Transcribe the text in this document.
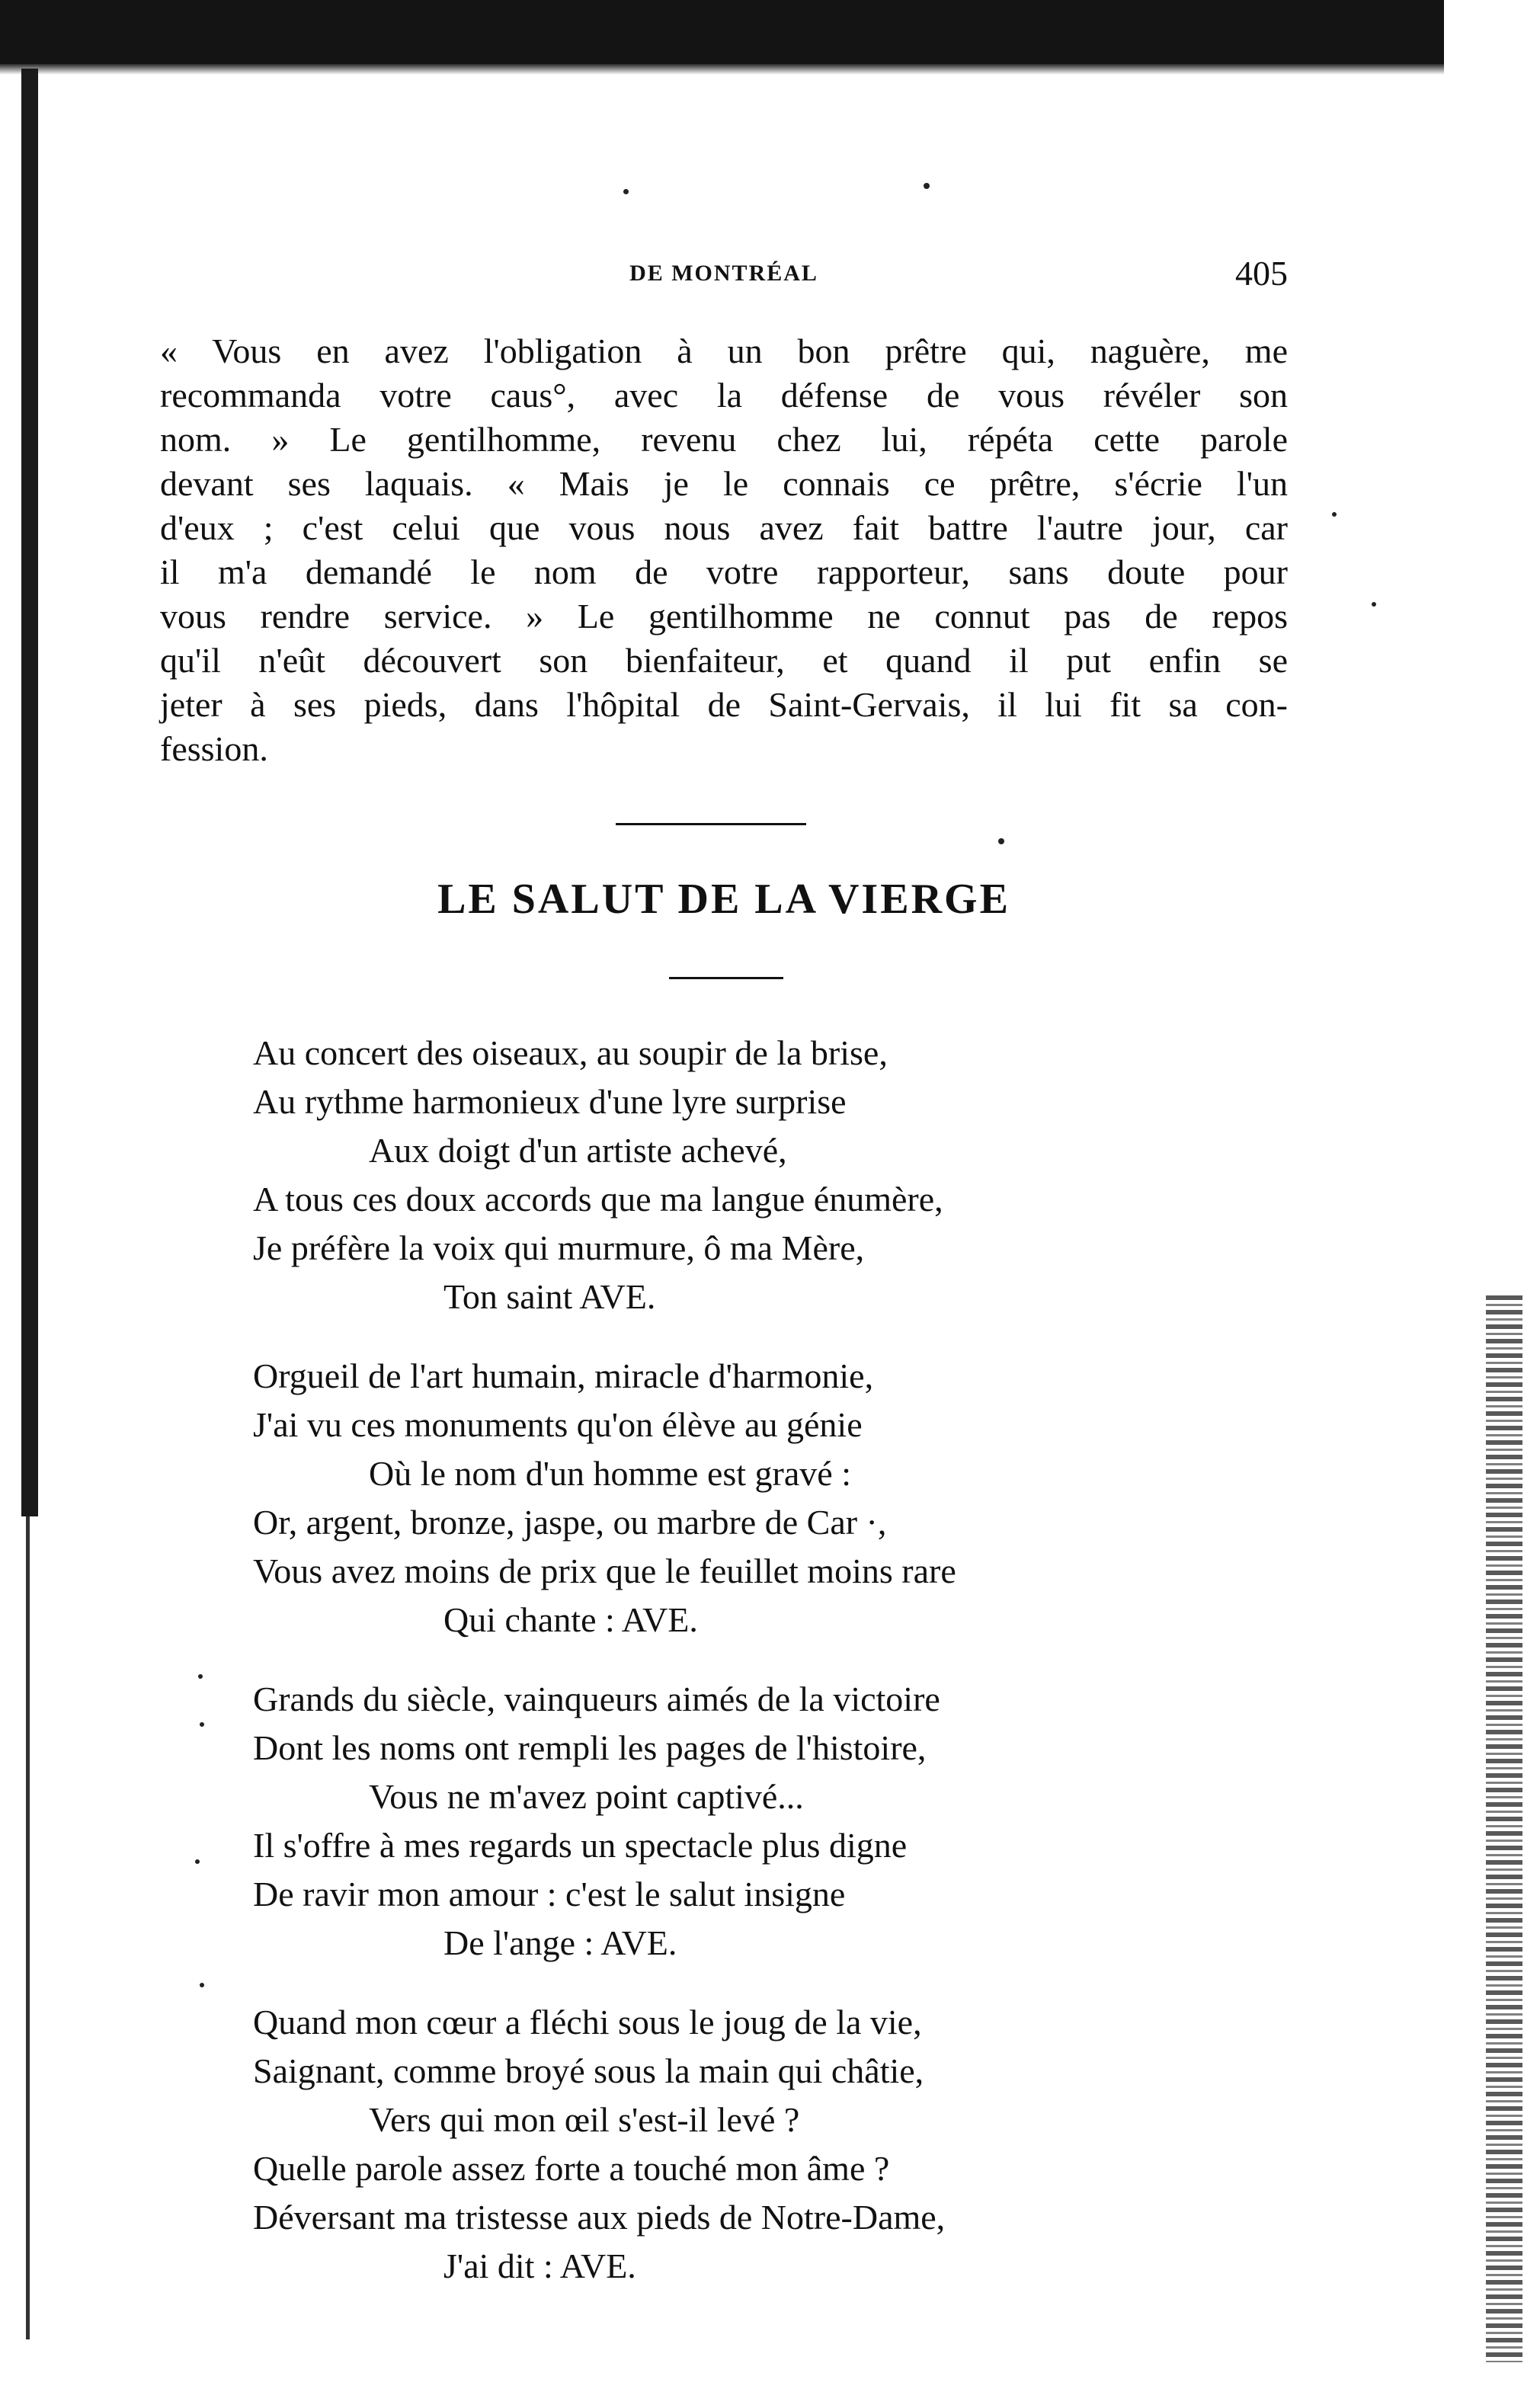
DE MONTRÉAL	405

« Vous en avez l'obligation à un bon prêtre qui, naguère, me
recommanda votre caus°, avec la défense de vous révéler son
nom. » Le gentilhomme, revenu chez lui, répéta cette parole
devant ses laquais. « Mais je le connais ce prêtre, s'écrie l'un
d'eux ; c'est celui que vous nous avez fait battre l'autre jour, car
il m'a demandé le nom de votre rapporteur, sans doute pour
vous rendre service. » Le gentilhomme ne connut pas de repos
qu'il n'eût découvert son bienfaiteur, et quand il put enfin se
jeter à ses pieds, dans l'hôpital de Saint-Gervais, il lui fit sa con-
fession.

LE SALUT DE LA VIERGE
Au concert des oiseaux, au soupir de la brise,
Au rythme harmonieux d'une lyre surprise
Aux doigt d'un artiste achevé,
A tous ces doux accords que ma langue énumère,
Je préfère la voix qui murmure, ô ma Mère,
Ton saint AVE.
Orgueil de l'art humain, miracle d'harmonie,
J'ai vu ces monuments qu'on élève au génie
Où le nom d'un homme est gravé :
Or, argent, bronze, jaspe, ou marbre de Car ·,
Vous avez moins de prix que le feuillet moins rare
Qui chante : AVE.
Grands du siècle, vainqueurs aimés de la victoire
Dont les noms ont rempli les pages de l'histoire,
Vous ne m'avez point captivé...
Il s'offre à mes regards un spectacle plus digne
De ravir mon amour : c'est le salut insigne
De l'ange : AVE.
Quand mon cœur a fléchi sous le joug de la vie,
Saignant, comme broyé sous la main qui châtie,
Vers qui mon œil s'est-il levé ?
Quelle parole assez forte a touché mon âme ?
Déversant ma tristesse aux pieds de Notre-Dame,
J'ai dit : AVE.
